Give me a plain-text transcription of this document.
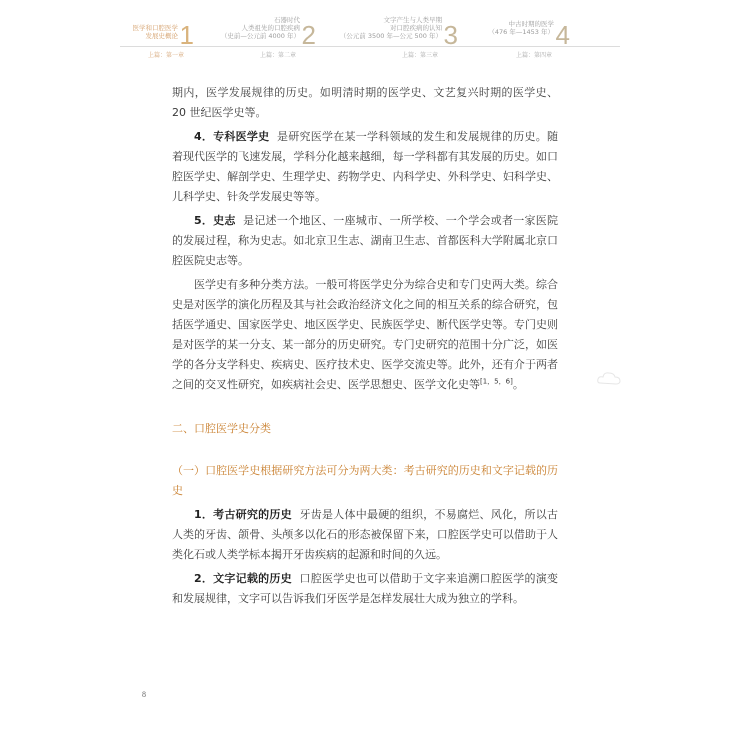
医学和口腔医学
发展史概论 1
上篇：第一章
石器时代
人类祖先的口腔疾病
（史前—公元前 4000 年） 2
上篇：第二章
文字产生与人类早期
对口腔疾病的认知
（公元前 3500 年—公元 500 年） 3
上篇：第三章
中古时期的医学
（476 年—1453 年） 4
上篇：第四章

期内，医学发展规律的历史。如明清时期的医学史、文艺复兴时期的医学史、20 世纪医学史等。

4．专科医学史 是研究医学在某一学科领域的发生和发展规律的历史。随着现代医学的飞速发展，学科分化越来越细，每一学科都有其发展的历史。如口腔医学史、解剖学史、生理学史、药物学史、内科学史、外科学史、妇科学史、儿科学史、针灸学发展史等等。

5．史志 是记述一个地区、一座城市、一所学校、一个学会或者一家医院的发展过程，称为史志。如北京卫生志、湖南卫生志、首都医科大学附属北京口腔医院史志等。

医学史有多种分类方法。一般可将医学史分为综合史和专门史两大类。综合史是对医学的演化历程及其与社会政治经济文化之间的相互关系的综合研究，包括医学通史、国家医学史、地区医学史、民族医学史、断代医学史等。专门史则是对医学的某一分支、某一部分的历史研究。专门史研究的范围十分广泛，如医学的各分支学科史、疾病史、医疗技术史、医学交流史等。此外，还有介于两者之间的交叉性研究，如疾病社会史、医学思想史、医学文化史等[1，5，6]。

二、口腔医学史分类

（一）口腔医学史根据研究方法可分为两大类：考古研究的历史和文字记载的历史

1．考古研究的历史 牙齿是人体中最硬的组织，不易腐烂、风化，所以古人类的牙齿、颌骨、头颅多以化石的形态被保留下来，口腔医学史可以借助于人类化石或人类学标本揭开牙齿疾病的起源和时间的久远。

2．文字记载的历史 口腔医学史也可以借助于文字来追溯口腔医学的演变和发展规律，文字可以告诉我们牙医学是怎样发展壮大成为独立的学科。

8
